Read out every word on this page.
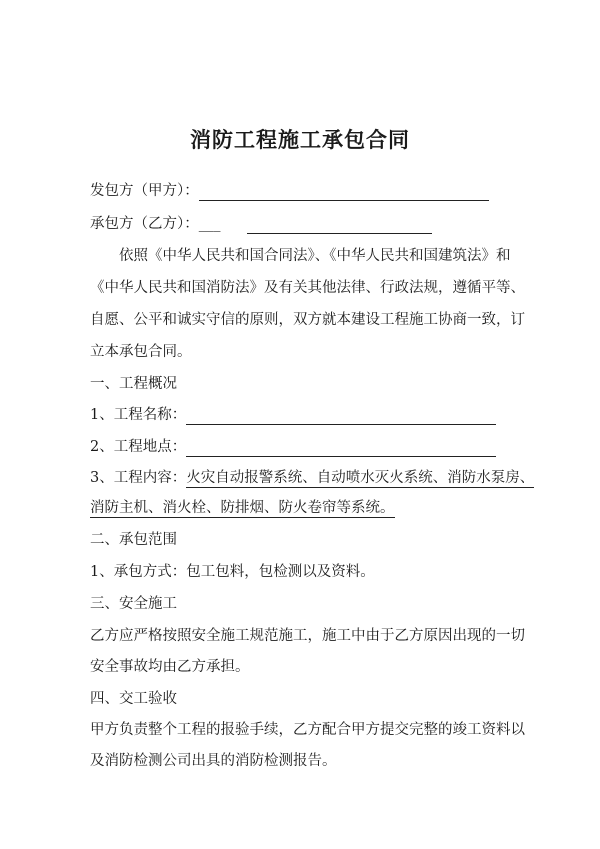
消防工程施工承包合同
发包方（甲方）：
承包方（乙方）：___
依照《中华人民共和国合同法》、《中华人民共和国建筑法》和
《中华人民共和国消防法》及有关其他法律、行政法规，遵循平等、
自愿、公平和诚实守信的原则，双方就本建设工程施工协商一致，订
立本承包合同。
一、工程概况
1、工程名称：
2、工程地点：
3、工程内容：火灾自动报警系统、自动喷水灭火系统、消防水泵房、
消防主机、消火栓、防排烟、防火卷帘等系统。
二、承包范围
1、承包方式：包工包料，包检测以及资料。
三、安全施工
乙方应严格按照安全施工规范施工，施工中由于乙方原因出现的一切
安全事故均由乙方承担。
四、交工验收
甲方负责整个工程的报验手续，乙方配合甲方提交完整的竣工资料以
及消防检测公司出具的消防检测报告。
